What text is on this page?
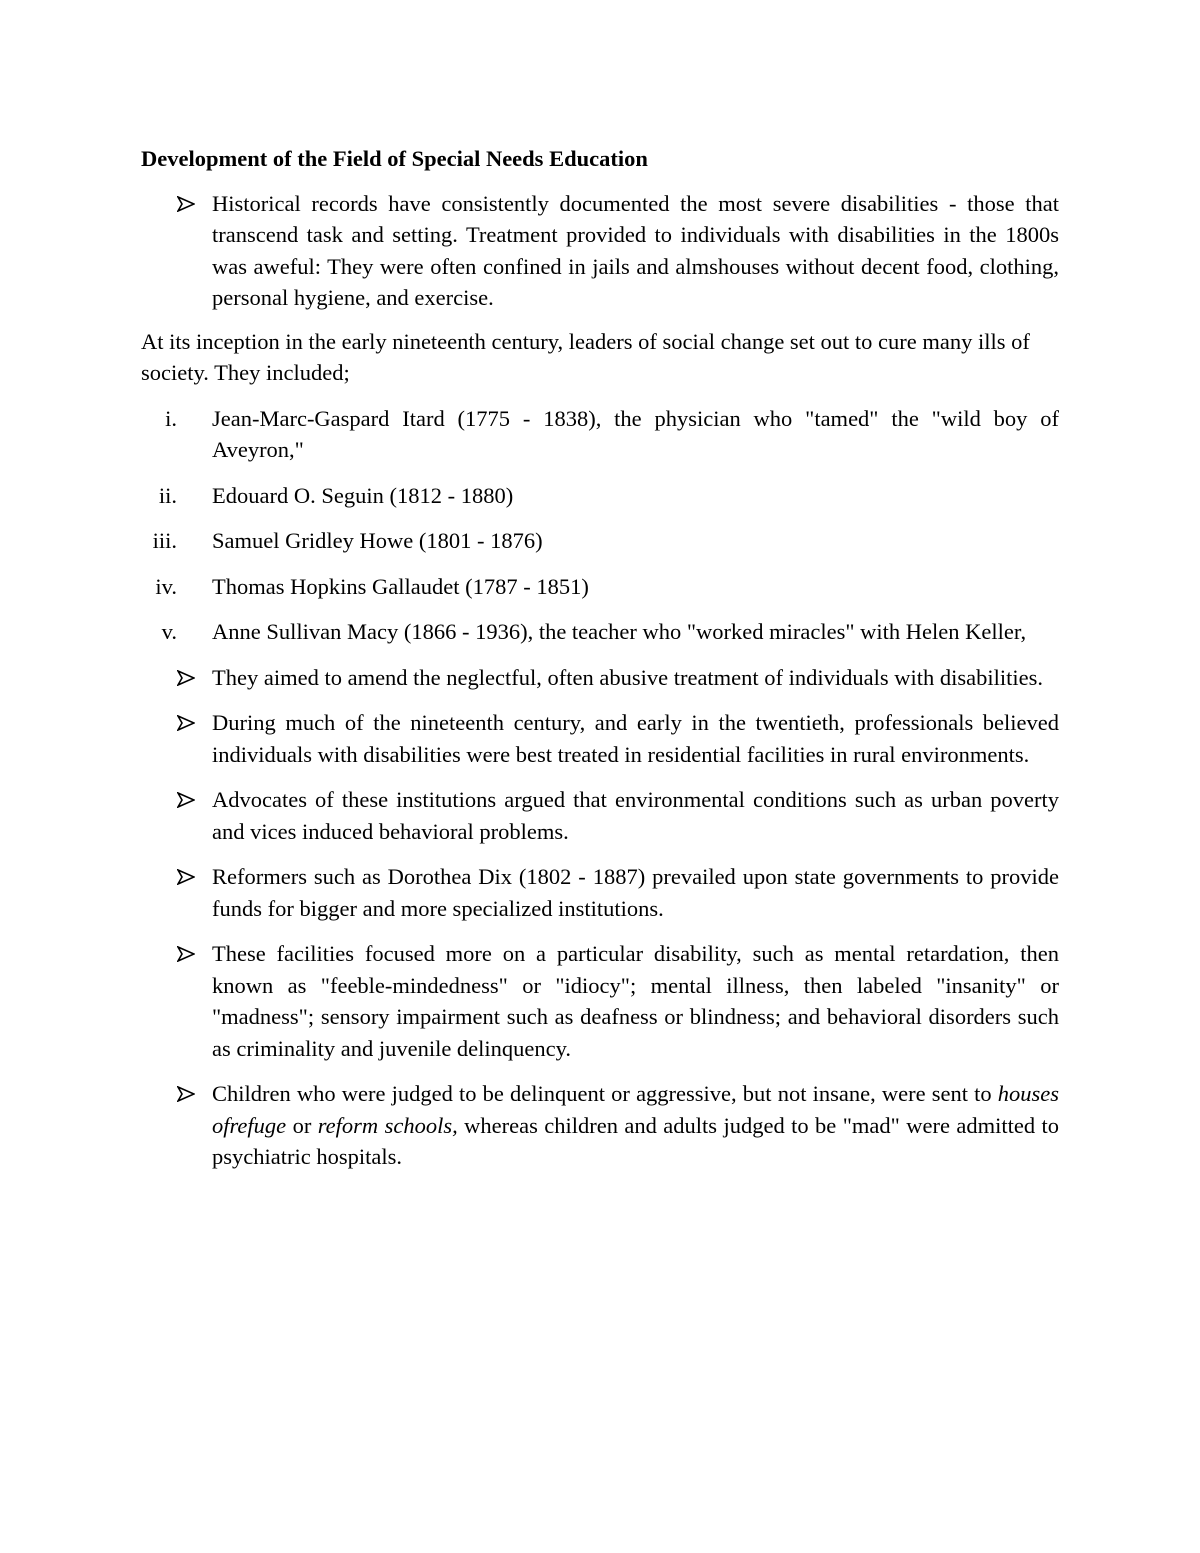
Development of the Field of Special Needs Education
Historical records have consistently documented the most severe disabilities - those that transcend task and setting. Treatment provided to individuals with disabilities in the 1800s was aweful: They were often confined in jails and almshouses without decent food, clothing, personal hygiene, and exercise.
At its inception in the early nineteenth century, leaders of social change set out to cure many ills of society. They included;
i.	Jean-Marc-Gaspard Itard (1775 - 1838), the physician who "tamed" the "wild boy of Aveyron,"
ii.	Edouard O. Seguin (1812 - 1880)
iii.	Samuel Gridley Howe (1801 - 1876)
iv.	Thomas Hopkins Gallaudet (1787 - 1851)
v.	Anne Sullivan Macy (1866 - 1936), the teacher who "worked miracles" with Helen Keller,
They aimed to amend the neglectful, often abusive treatment of individuals with disabilities.
During much of the nineteenth century, and early in the twentieth, professionals believed individuals with disabilities were best treated in residential facilities in rural environments.
Advocates of these institutions argued that environmental conditions such as urban poverty and vices induced behavioral problems.
Reformers such as Dorothea Dix (1802 - 1887) prevailed upon state governments to provide funds for bigger and more specialized institutions.
These facilities focused more on a particular disability, such as mental retardation, then known as "feeble-mindedness" or "idiocy"; mental illness, then labeled "insanity" or "madness"; sensory impairment such as deafness or blindness; and behavioral disorders such as criminality and juvenile delinquency.
Children who were judged to be delinquent or aggressive, but not insane, were sent to houses ofrefuge or reform schools, whereas children and adults judged to be "mad" were admitted to psychiatric hospitals.
